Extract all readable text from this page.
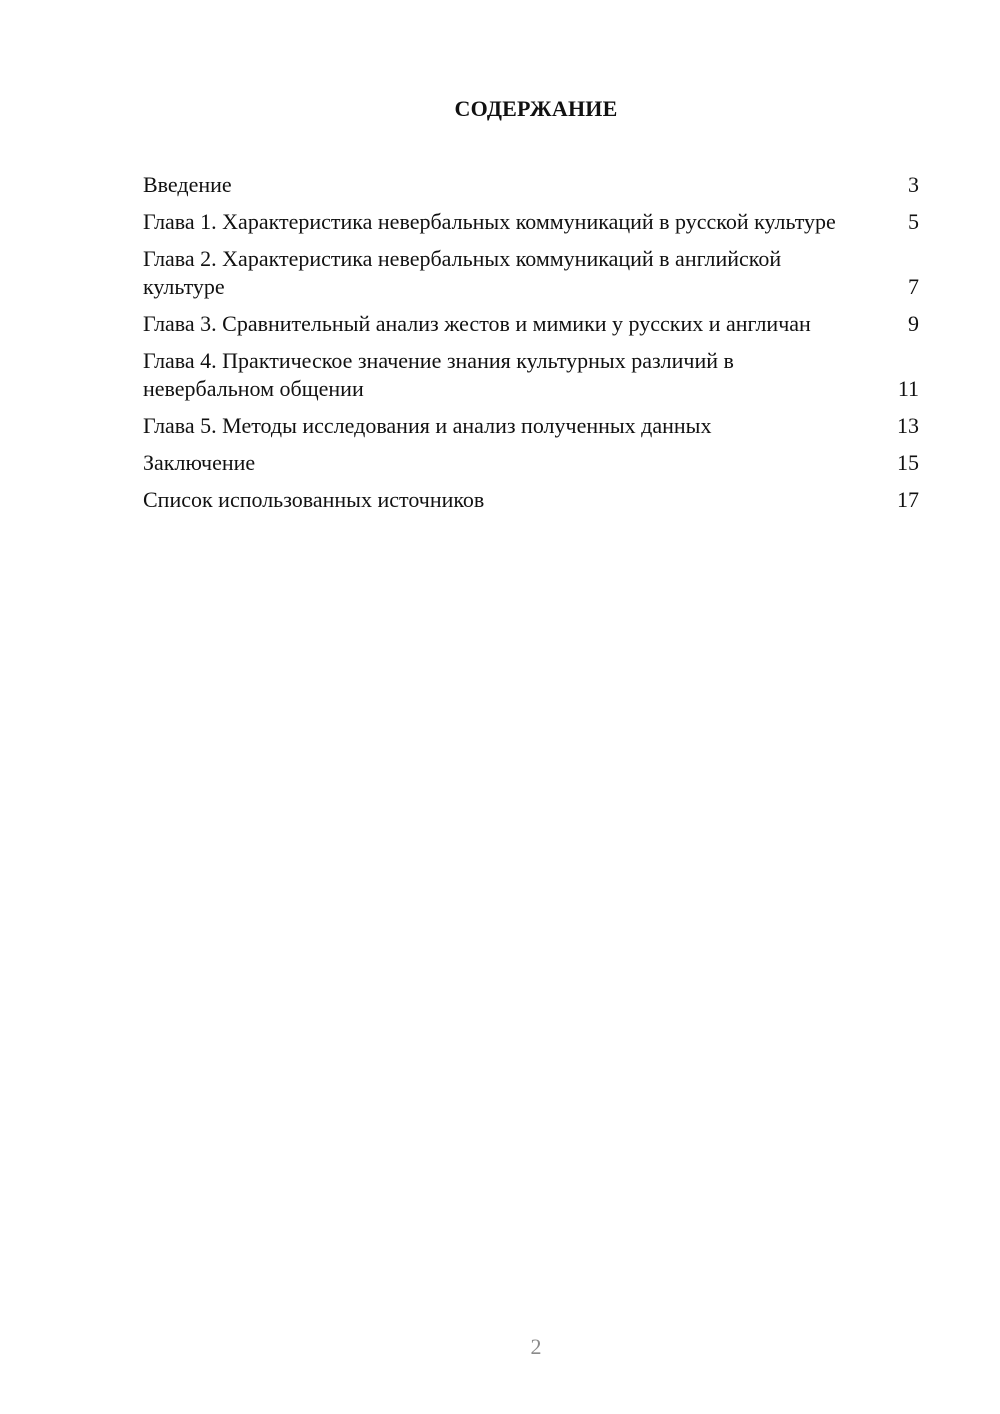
СОДЕРЖАНИЕ
Введение	3
Глава 1. Характеристика невербальных коммуникаций в русской культуре	5
Глава 2. Характеристика невербальных коммуникаций в английской культуре	7
Глава 3. Сравнительный анализ жестов и мимики у русских и англичан	9
Глава 4. Практическое значение знания культурных различий в невербальном общении	11
Глава 5. Методы исследования и анализ полученных данных	13
Заключение	15
Список использованных источников	17
2
